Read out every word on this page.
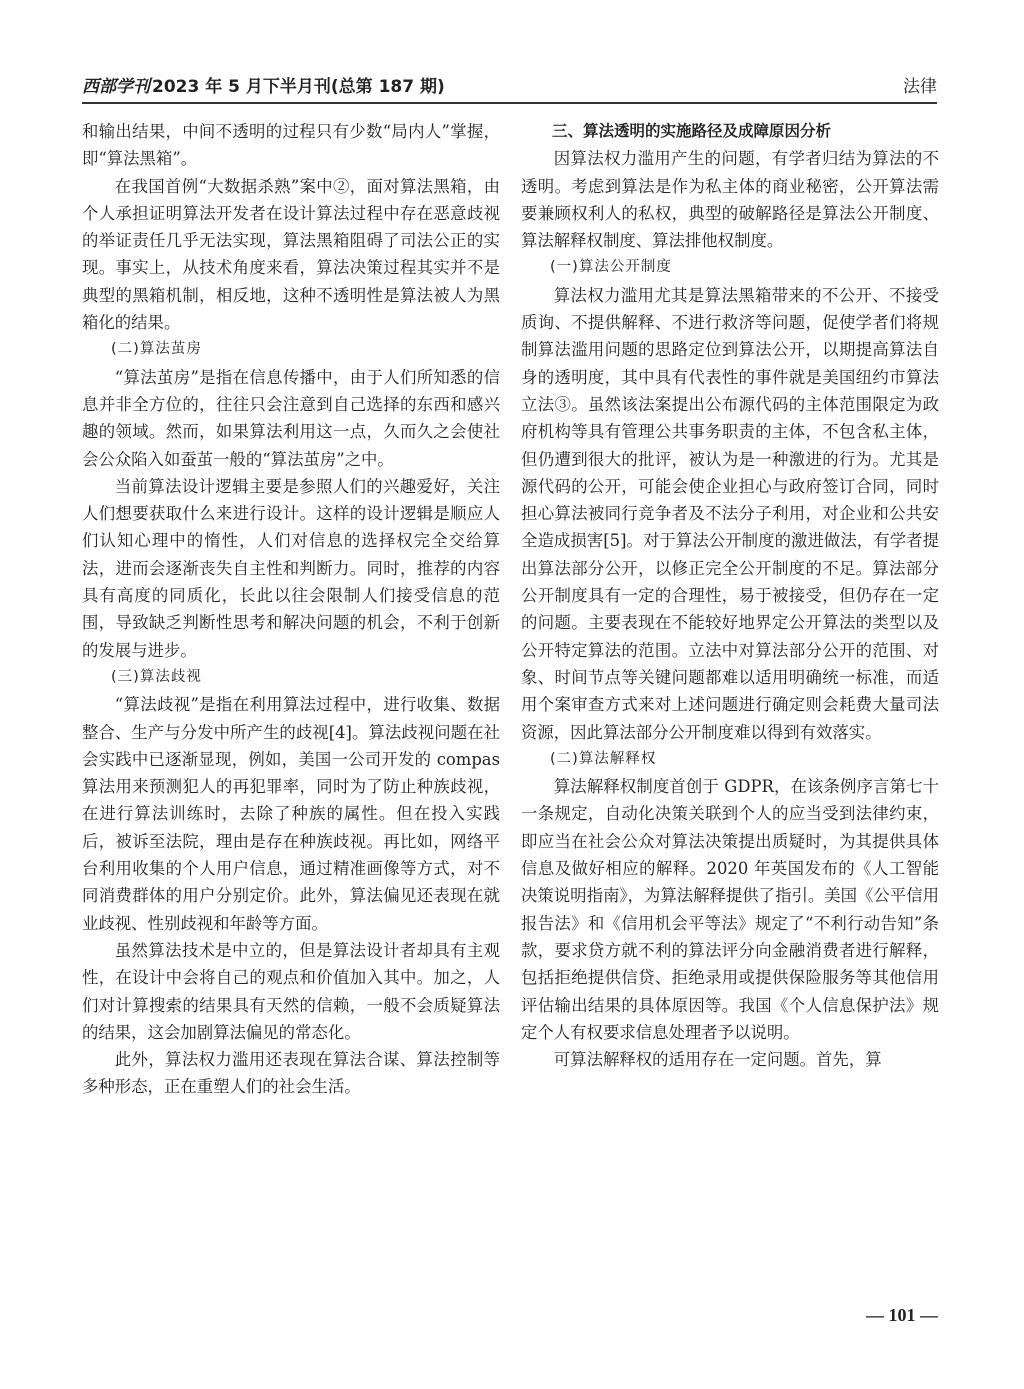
西部学刊 2023 年 5 月下半月刊(总第 187 期)	法律

和输出结果，中间不透明的过程只有少数“局内人”掌握，即“算法黑箱”。

在我国首例“大数据杀熟”案中②，面对算法黑箱，由个人承担证明算法开发者在设计算法过程中存在恶意歧视的举证责任几乎无法实现，算法黑箱阻碍了司法公正的实现。事实上，从技术角度来看，算法决策过程其实并不是典型的黑箱机制，相反地，这种不透明性是算法被人为黑箱化的结果。

(二)算法茧房

“算法茧房”是指在信息传播中，由于人们所知悉的信息并非全方位的，往往只会注意到自己选择的东西和感兴趣的领域。然而，如果算法利用这一点，久而久之会使社会公众陷入如蚕茧一般的“算法茧房”之中。

当前算法设计逻辑主要是参照人们的兴趣爱好，关注人们想要获取什么来进行设计。这样的设计逻辑是顺应人们认知心理中的惰性，人们对信息的选择权完全交给算法，进而会逐渐丧失自主性和判断力。同时，推荐的内容具有高度的同质化，长此以往会限制人们接受信息的范围，导致缺乏判断性思考和解决问题的机会，不利于创新的发展与进步。

(三)算法歧视

“算法歧视”是指在利用算法过程中，进行收集、数据整合、生产与分发中所产生的歧视[4]。算法歧视问题在社会实践中已逐渐显现，例如，美国一公司开发的 compas 算法用来预测犯人的再犯罪率，同时为了防止种族歧视，在进行算法训练时，去除了种族的属性。但在投入实践后，被诉至法院，理由是存在种族歧视。再比如，网络平台利用收集的个人用户信息，通过精准画像等方式，对不同消费群体的用户分别定价。此外，算法偏见还表现在就业歧视、性别歧视和年龄等方面。

虽然算法技术是中立的，但是算法设计者却具有主观性，在设计中会将自己的观点和价值加入其中。加之，人们对计算搜索的结果具有天然的信赖，一般不会质疑算法的结果，这会加剧算法偏见的常态化。

此外，算法权力滥用还表现在算法合谋、算法控制等多种形态，正在重塑人们的社会生活。

三、算法透明的实施路径及成障原因分析

因算法权力滥用产生的问题，有学者归结为算法的不透明。考虑到算法是作为私主体的商业秘密，公开算法需要兼顾权利人的私权，典型的破解路径是算法公开制度、算法解释权制度、算法排他权制度。

(一)算法公开制度

算法权力滥用尤其是算法黑箱带来的不公开、不接受质询、不提供解释、不进行救济等问题，促使学者们将规制算法滥用问题的思路定位到算法公开，以期提高算法自身的透明度，其中具有代表性的事件就是美国纽约市算法立法③。虽然该法案提出公布源代码的主体范围限定为政府机构等具有管理公共事务职责的主体，不包含私主体，但仍遭到很大的批评，被认为是一种激进的行为。尤其是源代码的公开，可能会使企业担心与政府签订合同，同时担心算法被同行竞争者及不法分子利用，对企业和公共安全造成损害[5]。对于算法公开制度的激进做法，有学者提出算法部分公开，以修正完全公开制度的不足。算法部分公开制度具有一定的合理性，易于被接受，但仍存在一定的问题。主要表现在不能较好地界定公开算法的类型以及公开特定算法的范围。立法中对算法部分公开的范围、对象、时间节点等关键问题都难以适用明确统一标准，而适用个案审查方式来对上述问题进行确定则会耗费大量司法资源，因此算法部分公开制度难以得到有效落实。

(二)算法解释权

算法解释权制度首创于 GDPR，在该条例序言第七十一条规定，自动化决策关联到个人的应当受到法律约束，即应当在社会公众对算法决策提出质疑时，为其提供具体信息及做好相应的解释。2020 年英国发布的《人工智能决策说明指南》，为算法解释提供了指引。美国《公平信用报告法》和《信用机会平等法》规定了“不利行动告知”条款，要求贷方就不利的算法评分向金融消费者进行解释，包括拒绝提供信贷、拒绝录用或提供保险服务等其他信用评估输出结果的具体原因等。我国《个人信息保护法》规定个人有权要求信息处理者予以说明。

可算法解释权的适用存在一定问题。首先，算

— 101 —
